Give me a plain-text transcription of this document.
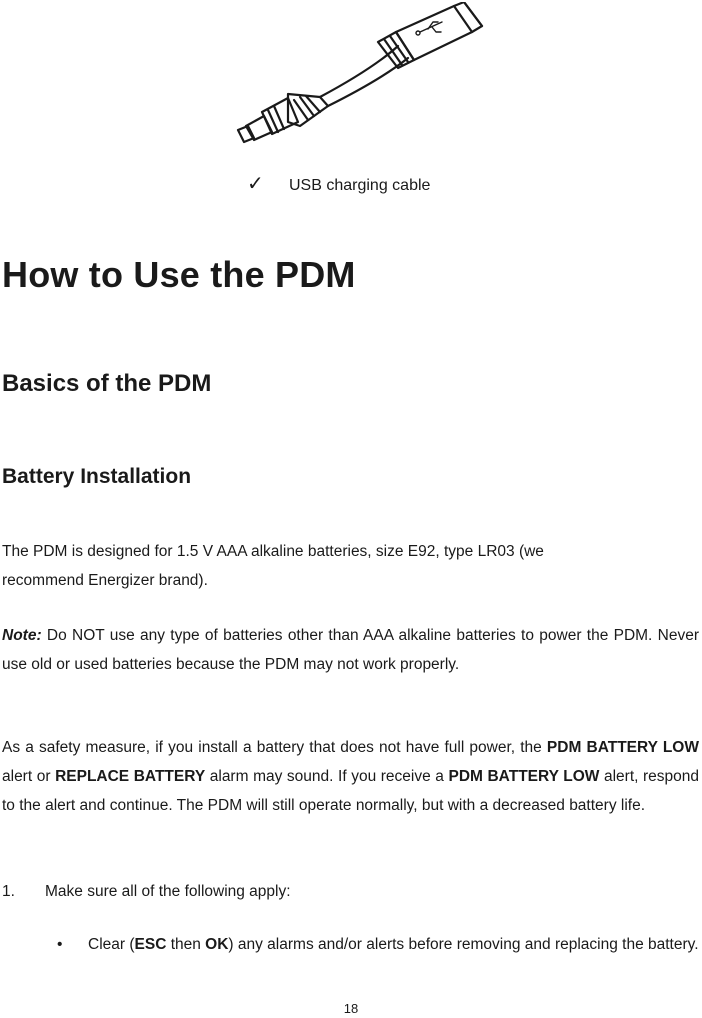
✓ USB charging cable
How to Use the PDM
Basics of the PDM
Battery Installation
The PDM is designed for 1.5 V AAA alkaline batteries, size E92, type LR03 (we
recommend Energizer brand).

Note: Do NOT use any type of batteries other than AAA alkaline batteries to power the PDM. Never use old or used batteries because the PDM may not work properly.

As a safety measure, if you install a battery that does not have full power, the PDM BATTERY LOW alert or REPLACE BATTERY alarm may sound. If you receive a PDM BATTERY LOW alert, respond to the alert and continue. The PDM will still operate normally, but with a decreased battery life.

1. Make sure all of the following apply:
• Clear (ESC then OK) any alarms and/or alerts before removing and replacing the battery.

18
